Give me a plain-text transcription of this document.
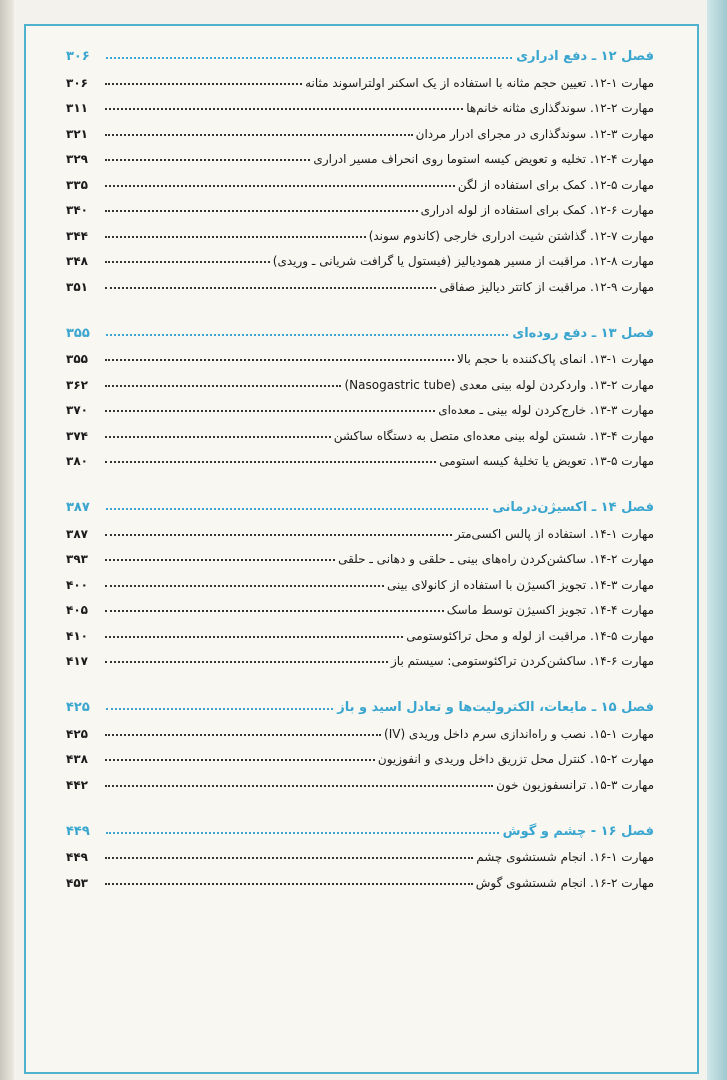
فصل ۱۲ ـ دفع ادراری
۳۰۶
مهارت ۱-۱۲. تعیین حجم مثانه با استفاده از یک اسکنر اولتراسوند مثانه
۳۰۶
مهارت ۲-۱۲. سوندگذاری مثانه خانم‌ها
۳۱۱
مهارت ۳-۱۲. سوندگذاری در مجرای ادرار مردان
۳۲۱
مهارت ۴-۱۲. تخلیه و تعویض کیسه استوما روی انحراف مسیر ادراری
۳۲۹
مهارت ۵-۱۲. کمک برای استفاده از لگن
۳۳۵
مهارت ۶-۱۲. کمک برای استفاده از لوله ادراری
۳۴۰
مهارت ۷-۱۲. گذاشتن شیت ادراری خارجی (کاندوم سوند)
۳۴۴
مهارت ۸-۱۲. مراقبت از مسیر همودیالیز (فیستول یا گرافت شریانی ـ وریدی)
۳۴۸
مهارت ۹-۱۲. مراقبت از کاتتر دیالیز صفاقی
۳۵۱
فصل ۱۳ ـ دفع روده‌ای
۳۵۵
مهارت ۱-۱۳. انمای پاک‌کننده با حجم بالا
۳۵۵
مهارت ۲-۱۳. واردکردن لوله بینی معدی (Nasogastric tube)
۳۶۲
مهارت ۳-۱۳. خارج‌کردن لوله بینی ـ معده‌ای
۳۷۰
مهارت ۴-۱۳. شستن لوله بینی معده‌ای متصل به دستگاه ساکشن
۳۷۴
مهارت ۵-۱۳. تعویض یا تخلیهٔ کیسه استومی
۳۸۰
فصل ۱۴ ـ اکسیژن‌درمانی
۳۸۷
مهارت ۱-۱۴. استفاده از پالس اکسی‌متر
۳۸۷
مهارت ۲-۱۴. ساکشن‌کردن راه‌های بینی ـ حلقی و دهانی ـ حلقی
۳۹۳
مهارت ۳-۱۴. تجویز اکسیژن با استفاده از کانولای بینی
۴۰۰
مهارت ۴-۱۴. تجویز اکسیژن توسط ماسک
۴۰۵
مهارت ۵-۱۴. مراقبت از لوله و محل تراکئوستومی
۴۱۰
مهارت ۶-۱۴. ساکشن‌کردن تراکئوستومی: سیستم باز
۴۱۷
فصل ۱۵ ـ مایعات، الکترولیت‌ها و تعادل اسید و باز
۴۲۵
مهارت ۱-۱۵. نصب و راه‌اندازی سرم داخل وریدی (IV)
۴۲۵
مهارت ۲-۱۵. کنترل محل تزریق داخل وریدی و انفوزیون
۴۳۸
مهارت ۳-۱۵. ترانسفوزیون خون
۴۴۲
فصل ۱۶ - چشم و گوش
۴۴۹
مهارت ۱-۱۶. انجام شستشوی چشم
۴۴۹
مهارت ۲-۱۶. انجام شستشوی گوش
۴۵۳
